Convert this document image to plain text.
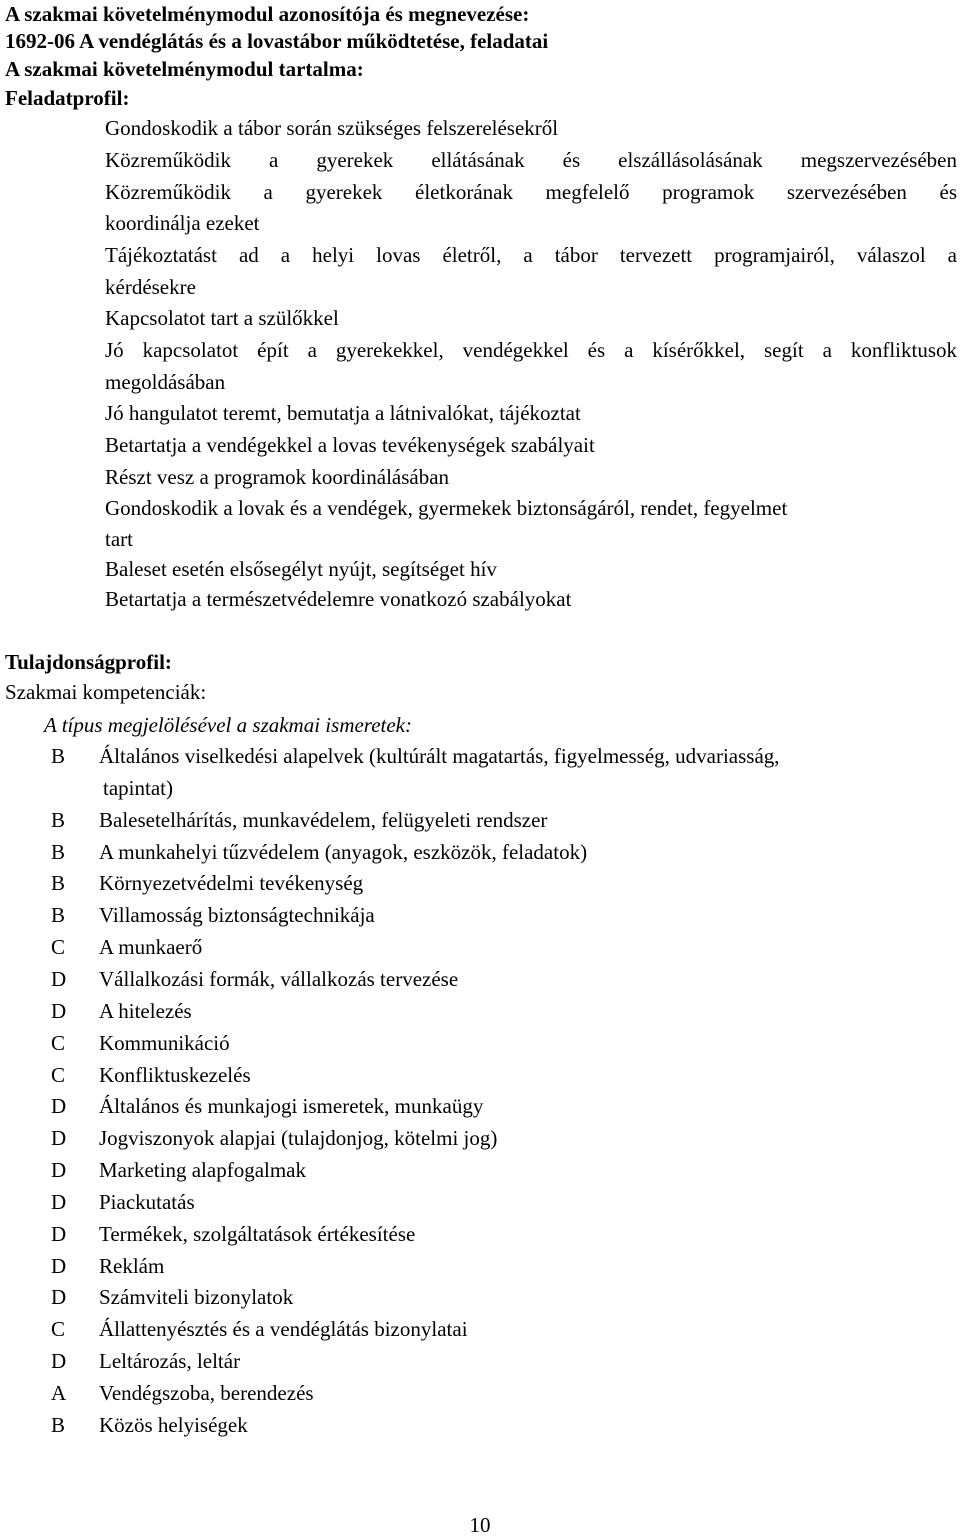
A szakmai követelménymodul azonosítója és megnevezése:
1692-06 A vendéglátás és a lovastábor működtetése, feladatai
A szakmai követelménymodul tartalma:
Feladatprofil:
Gondoskodik a tábor során szükséges felszerelésekről
Közreműködik a gyerekek ellátásának és elszállásolásának megszervezésében
Közreműködik a gyerekek életkorának megfelelő programok szervezésében és
koordinálja ezeket
Tájékoztatást ad a helyi lovas életről, a tábor tervezett programjairól, válaszol a
kérdésekre
Kapcsolatot tart a szülőkkel
Jó kapcsolatot épít a gyerekekkel, vendégekkel és a kísérőkkel, segít a konfliktusok
megoldásában
Jó hangulatot teremt, bemutatja a látnivalókat, tájékoztat
Betartatja a vendégekkel a lovas tevékenységek szabályait
Részt vesz a programok koordinálásában
Gondoskodik a lovak és a vendégek, gyermekek biztonságáról, rendet, fegyelmet
tart
Baleset esetén elsősegélyt nyújt, segítséget hív
Betartatja a természetvédelemre vonatkozó szabályokat
Tulajdonságprofil:
Szakmai kompetenciák:
A típus megjelölésével a szakmai ismeretek:
B	Általános viselkedési alapelvek (kultúrált magatartás, figyelmesség, udvariasság,
tapintat)
B	Balesetelhárítás, munkavédelem, felügyeleti rendszer
B	A munkahelyi tűzvédelem (anyagok, eszközök, feladatok)
B	Környezetvédelmi tevékenység
B	Villamosság biztonságtechnikája
C	A munkaerő
D	Vállalkozási formák, vállalkozás tervezése
D	A hitelezés
C	Kommunikáció
C	Konfliktuskezelés
D	Általános és munkajogi ismeretek, munkaügy
D	Jogviszonyok alapjai (tulajdonjog, kötelmi jog)
D	Marketing alapfogalmak
D	Piackutatás
D	Termékek, szolgáltatások értékesítése
D	Reklám
D	Számviteli bizonylatok
C	Állattenyésztés és a vendéglátás bizonylatai
D	Leltározás, leltár
A	Vendégszoba, berendezés
B	Közös helyiségek
10
